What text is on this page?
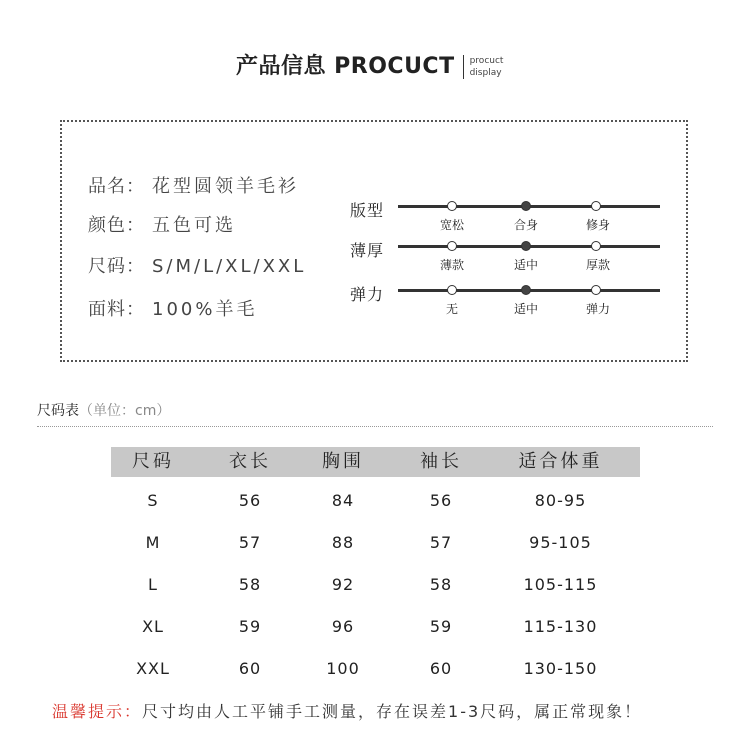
产品信息 PROCUCT procuct
display
品名： 花型圆领羊毛衫
颜色： 五色可选
尺码： S/M/L/XL/XXL
面料： 100%羊毛
版型
宽松	合身	修身
薄厚
薄款	适中	厚款
弹力
无	适中	弹力
尺码表（单位：cm）
尺码	衣长	胸围	袖长	适合体重
S	56	84	56	80-95
M	57	88	57	95-105
L	58	92	58	105-115
XL	59	96	59	115-130
XXL	60	100	60	130-150
温馨提示：尺寸均由人工平铺手工测量，存在误差1-3尺码，属正常现象！
